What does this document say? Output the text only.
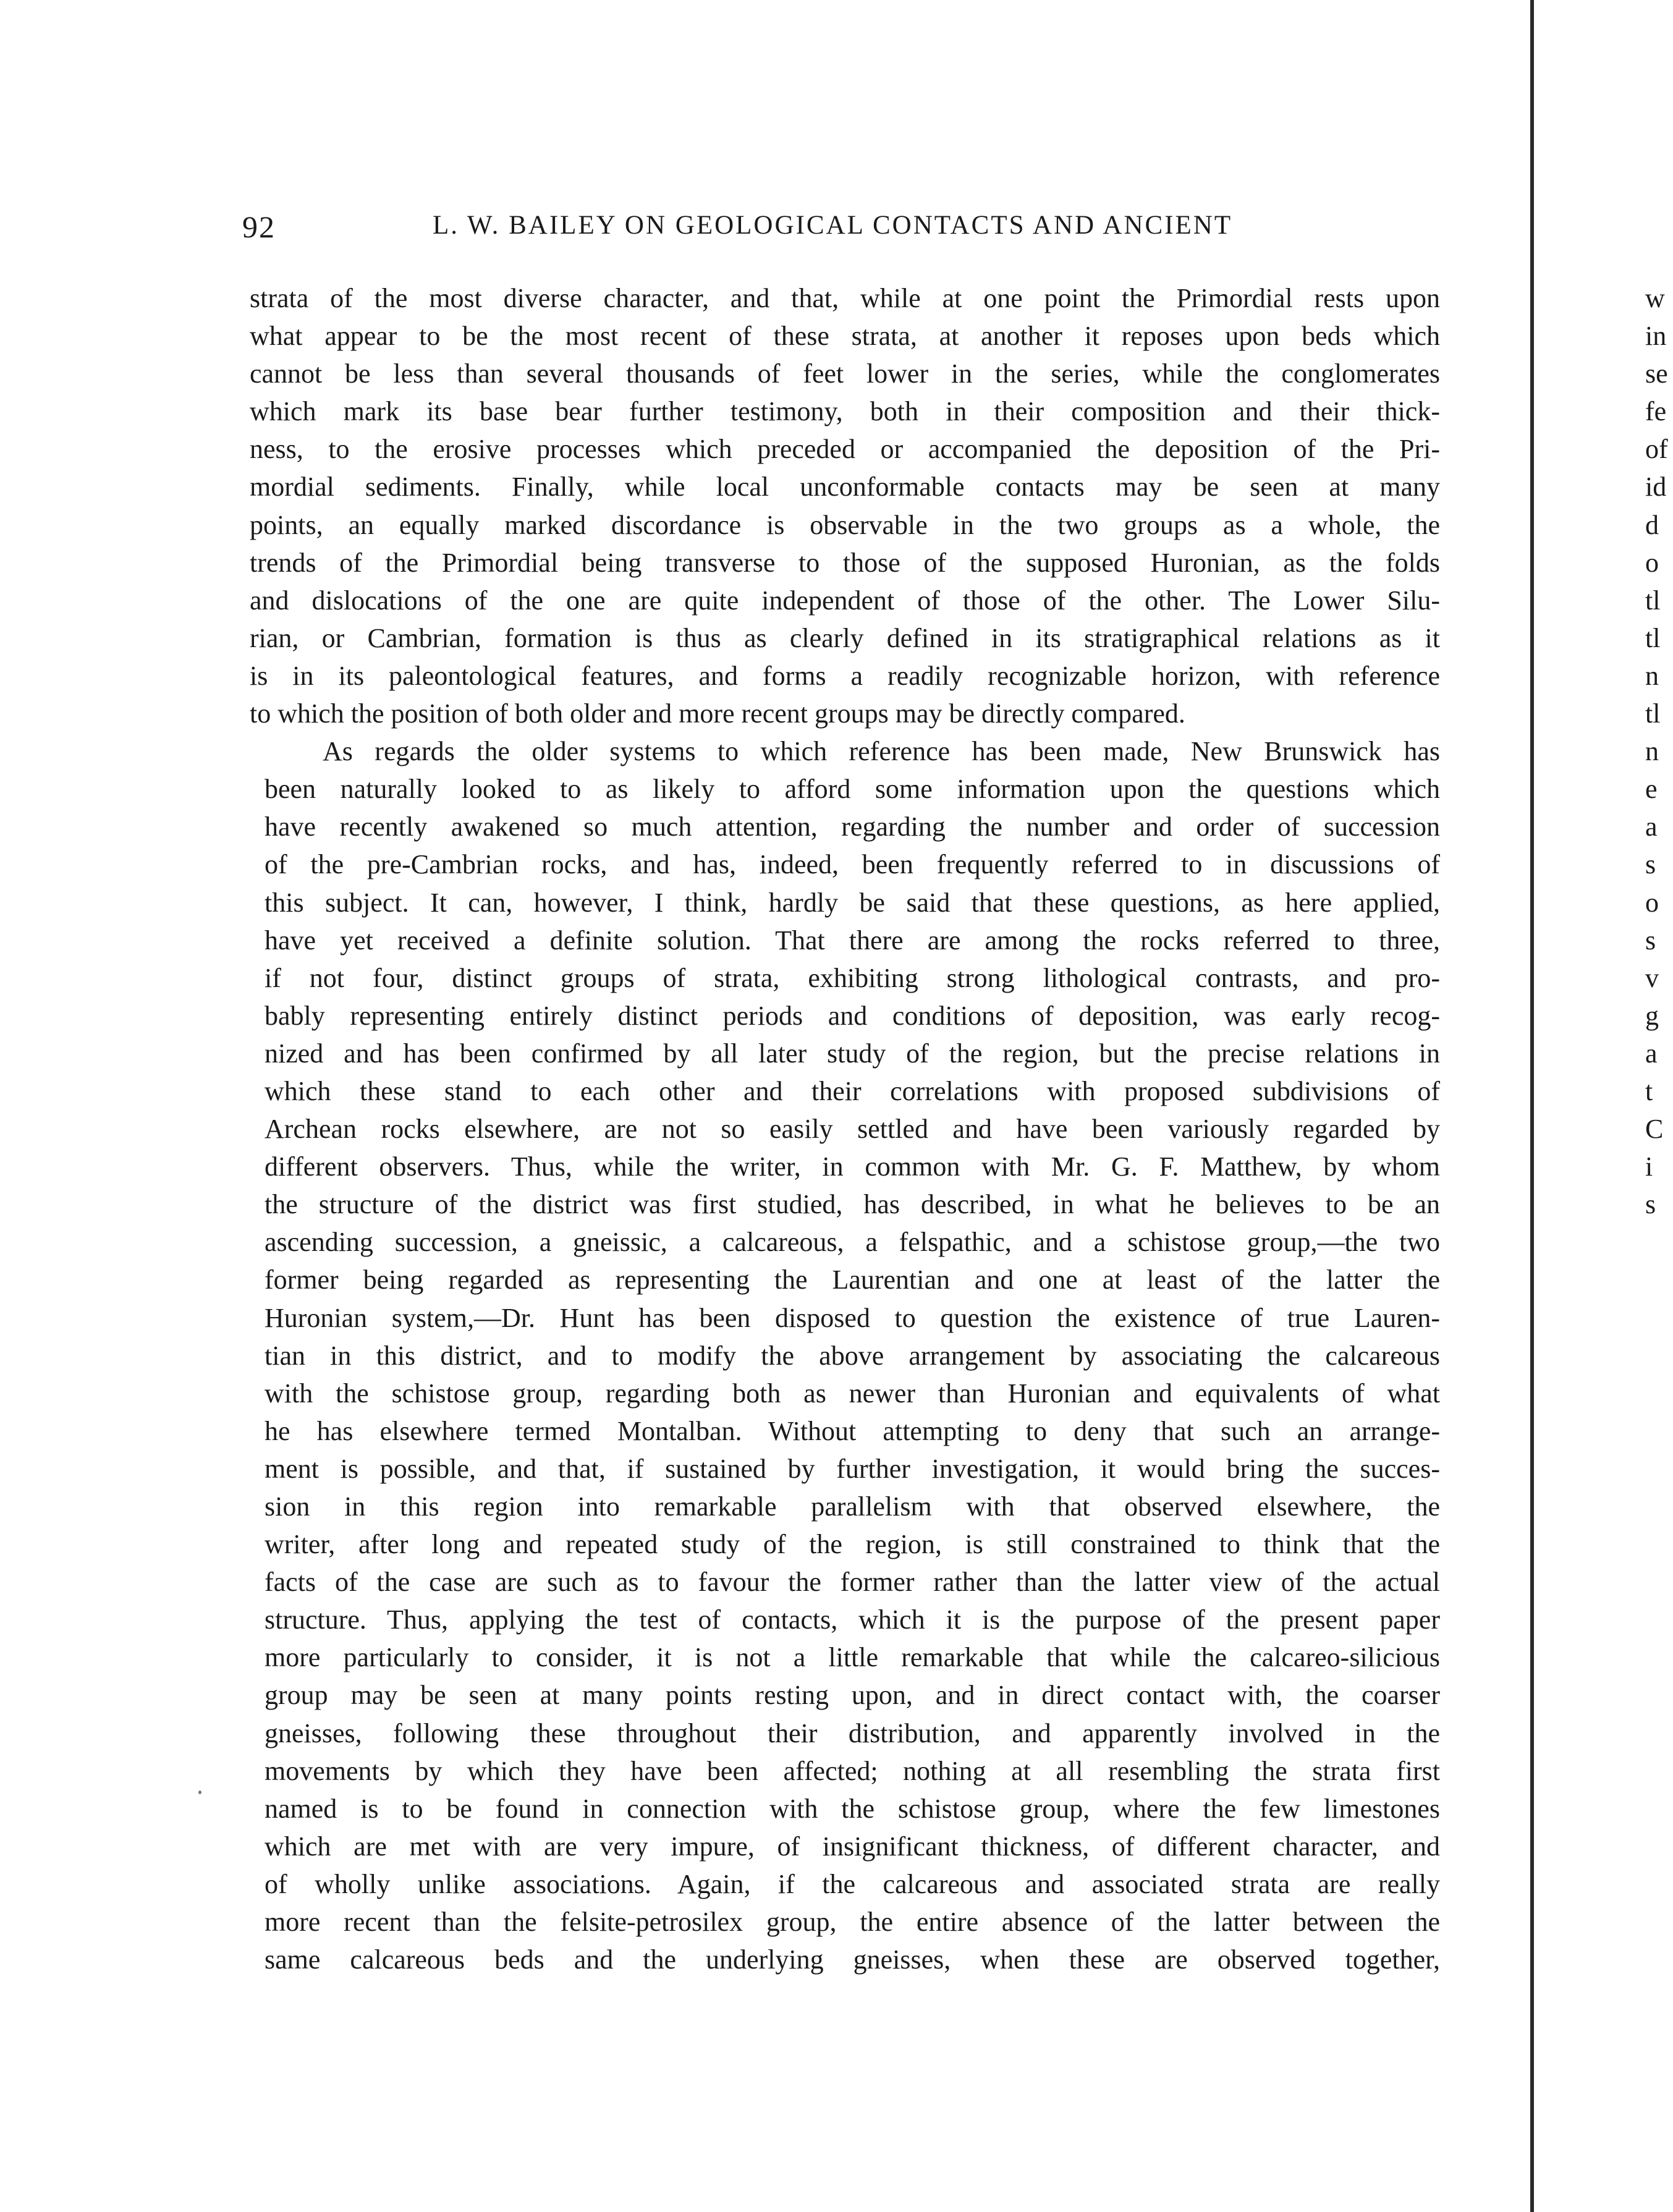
92	L. W. BAILEY ON GEOLOGICAL CONTACTS AND ANCIENT
strata of the most diverse character, and that, while at one point the Primordial rests upon
what appear to be the most recent of these strata, at another it reposes upon beds which
cannot be less than several thousands of feet lower in the series, while the conglomerates
which mark its base bear further testimony, both in their composition and their thick-
ness, to the erosive processes which preceded or accompanied the deposition of the Pri-
mordial sediments. Finally, while local unconformable contacts may be seen at many
points, an equally marked discordance is observable in the two groups as a whole, the
trends of the Primordial being transverse to those of the supposed Huronian, as the folds
and dislocations of the one are quite independent of those of the other. The Lower Silu-
rian, or Cambrian, formation is thus as clearly defined in its stratigraphical relations as it
is in its paleontological features, and forms a readily recognizable horizon, with reference
to which the position of both older and more recent groups may be directly compared.
As regards the older systems to which reference has been made, New Brunswick has
been naturally looked to as likely to afford some information upon the questions which
have recently awakened so much attention, regarding the number and order of succession
of the pre-Cambrian rocks, and has, indeed, been frequently referred to in discussions of
this subject. It can, however, I think, hardly be said that these questions, as here applied,
have yet received a definite solution. That there are among the rocks referred to three,
if not four, distinct groups of strata, exhibiting strong lithological contrasts, and pro-
bably representing entirely distinct periods and conditions of deposition, was early recog-
nized and has been confirmed by all later study of the region, but the precise relations in
which these stand to each other and their correlations with proposed subdivisions of
Archean rocks elsewhere, are not so easily settled and have been variously regarded by
different observers. Thus, while the writer, in common with Mr. G. F. Matthew, by whom
the structure of the district was first studied, has described, in what he believes to be an
ascending succession, a gneissic, a calcareous, a felspathic, and a schistose group,—the two
former being regarded as representing the Laurentian and one at least of the latter the
Huronian system,—Dr. Hunt has been disposed to question the existence of true Lauren-
tian in this district, and to modify the above arrangement by associating the calcareous
with the schistose group, regarding both as newer than Huronian and equivalents of what
he has elsewhere termed Montalban. Without attempting to deny that such an arrange-
ment is possible, and that, if sustained by further investigation, it would bring the succes-
sion in this region into remarkable parallelism with that observed elsewhere, the
writer, after long and repeated study of the region, is still constrained to think that the
facts of the case are such as to favour the former rather than the latter view of the actual
structure. Thus, applying the test of contacts, which it is the purpose of the present paper
more particularly to consider, it is not a little remarkable that while the calcareo-silicious
group may be seen at many points resting upon, and in direct contact with, the coarser
gneisses, following these throughout their distribution, and apparently involved in the
movements by which they have been affected; nothing at all resembling the strata first
named is to be found in connection with the schistose group, where the few limestones
which are met with are very impure, of insignificant thickness, of different character, and
of wholly unlike associations. Again, if the calcareous and associated strata are really
more recent than the felsite-petrosilex group, the entire absence of the latter between the
same calcareous beds and the underlying gneisses, when these are observed together,
w
in
se
fe
of
id
d
o
tl
tl
n
tl
n
e
a
s
o
s
v
g
a
t
C
i
s
